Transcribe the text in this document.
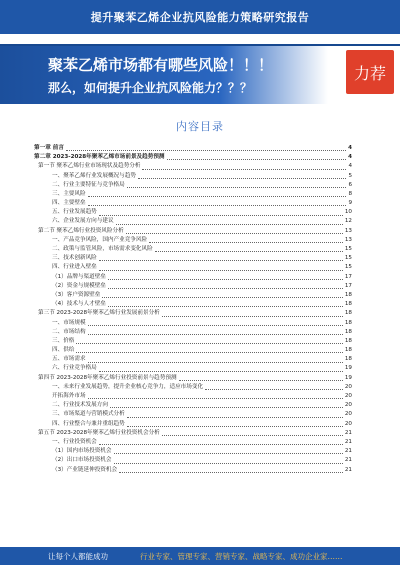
提升聚苯乙烯企业抗风险能力策略研究报告
聚苯乙烯市场都有哪些风险！！！
那么，如何提升企业抗风险能力？？？
力荐
内容目录
第一章 前言	4
第二章 2023-2028年聚苯乙烯市场前景及趋势预测	4
第一节 聚苯乙烯行业市场现状及趋势分析	4
一、聚苯乙烯行业发展概况与趋势	5
二、行业主要特征与竞争格局	6
三、主要风险	8
四、主要壁垒	9
五、行业发展趋势	10
六、企业发展方向与建议	12
第二节 聚苯乙烯行业投资风险分析	13
一、产品竞争风险，国内产业竞争风险	13
二、政策与监管风险，市场需求变化风险	15
三、技术创新风险	15
四、行业进入壁垒	15
（1）品牌与渠道壁垒	17
（2）资金与规模壁垒	17
（3）客户资源壁垒	18
（4）技术与人才壁垒	18
第三节 2023-2028年聚苯乙烯行业发展前景分析	18
一、市场规模	18
二、市场结构	18
三、价格	18
四、供给	18
五、市场需求	18
六、行业竞争格局	19
第四节 2023-2028年聚苯乙烯行业投资前景与趋势预测	19
一、未来行业发展趋势，提升企业核心竞争力，适应市场变化	20
开拓海外市场	20
二、行业技术发展方向	20
三、市场渠道与营销模式分析	20
四、行业整合与兼并重组趋势	20
第五节 2023-2028年聚苯乙烯行业投资机会分析	21
一、行业投资机会	21
（1）国内市场投资机会	21
（2）出口市场投资机会	21
（3）产业链延伸投资机会	21
让每个人都能成功	行业专家、管理专家、营销专家、战略专家、成功企业家……
